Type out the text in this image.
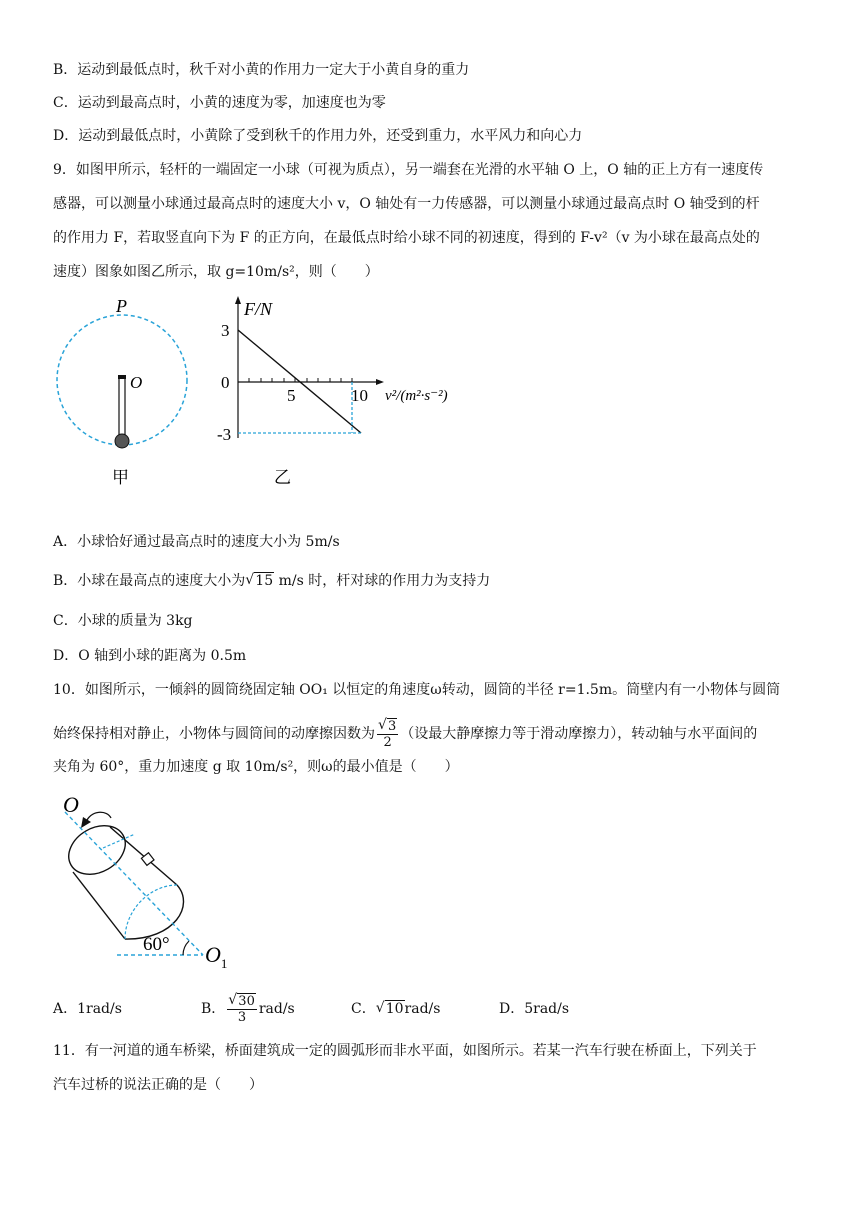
B．运动到最低点时，秋千对小黄的作用力一定大于小黄自身的重力
C．运动到最高点时，小黄的速度为零，加速度也为零
D．运动到最低点时，小黄除了受到秋千的作用力外，还受到重力，水平风力和向心力
9．如图甲所示，轻杆的一端固定一小球（可视为质点），另一端套在光滑的水平轴 O 上，O 轴的正上方有一速度传
感器，可以测量小球通过最高点时的速度大小 v，O 轴处有一力传感器，可以测量小球通过最高点时 O 轴受到的杆
的作用力 F，若取竖直向下为 F 的正方向，在最低点时给小球不同的初速度，得到的 F-v²（v 为小球在最高点处的
速度）图象如图乙所示，取 g=10m/s²，则（　　）
P
O
甲
F/N
3
0
-3
5	10 v²/(m²·s⁻²)
乙
A．小球恰好通过最高点时的速度大小为 5m/s
B．小球在最高点的速度大小为 √ 15 m/s 时，杆对球的作用力为支持力
C．小球的质量为 3kg
D．O 轴到小球的距离为 0.5m
10．如图所示，一倾斜的圆筒绕固定轴 OO₁ 以恒定的角速度ω转动，圆筒的半径 r=1.5m。筒壁内有一小物体与圆筒
始终保持相对静止，小物体与圆筒间的动摩擦因数为 √ $\frac{3}{2}$ （设最大静摩擦力等于滑动摩擦力），转动轴与水平面间的
夹角为 60°，重力加速度 g 取 10m/s²，则ω的最小值是（　　）
O
60° $O_1$
A．1rad/s	B． √ $\frac{30}{3} rad/s$	C． √ 10rad/s	D．5rad/s
11．有一河道的通车桥梁，桥面建筑成一定的圆弧形而非水平面，如图所示。若某一汽车行驶在桥面上，下列关于
汽车过桥的说法正确的是（　　）
